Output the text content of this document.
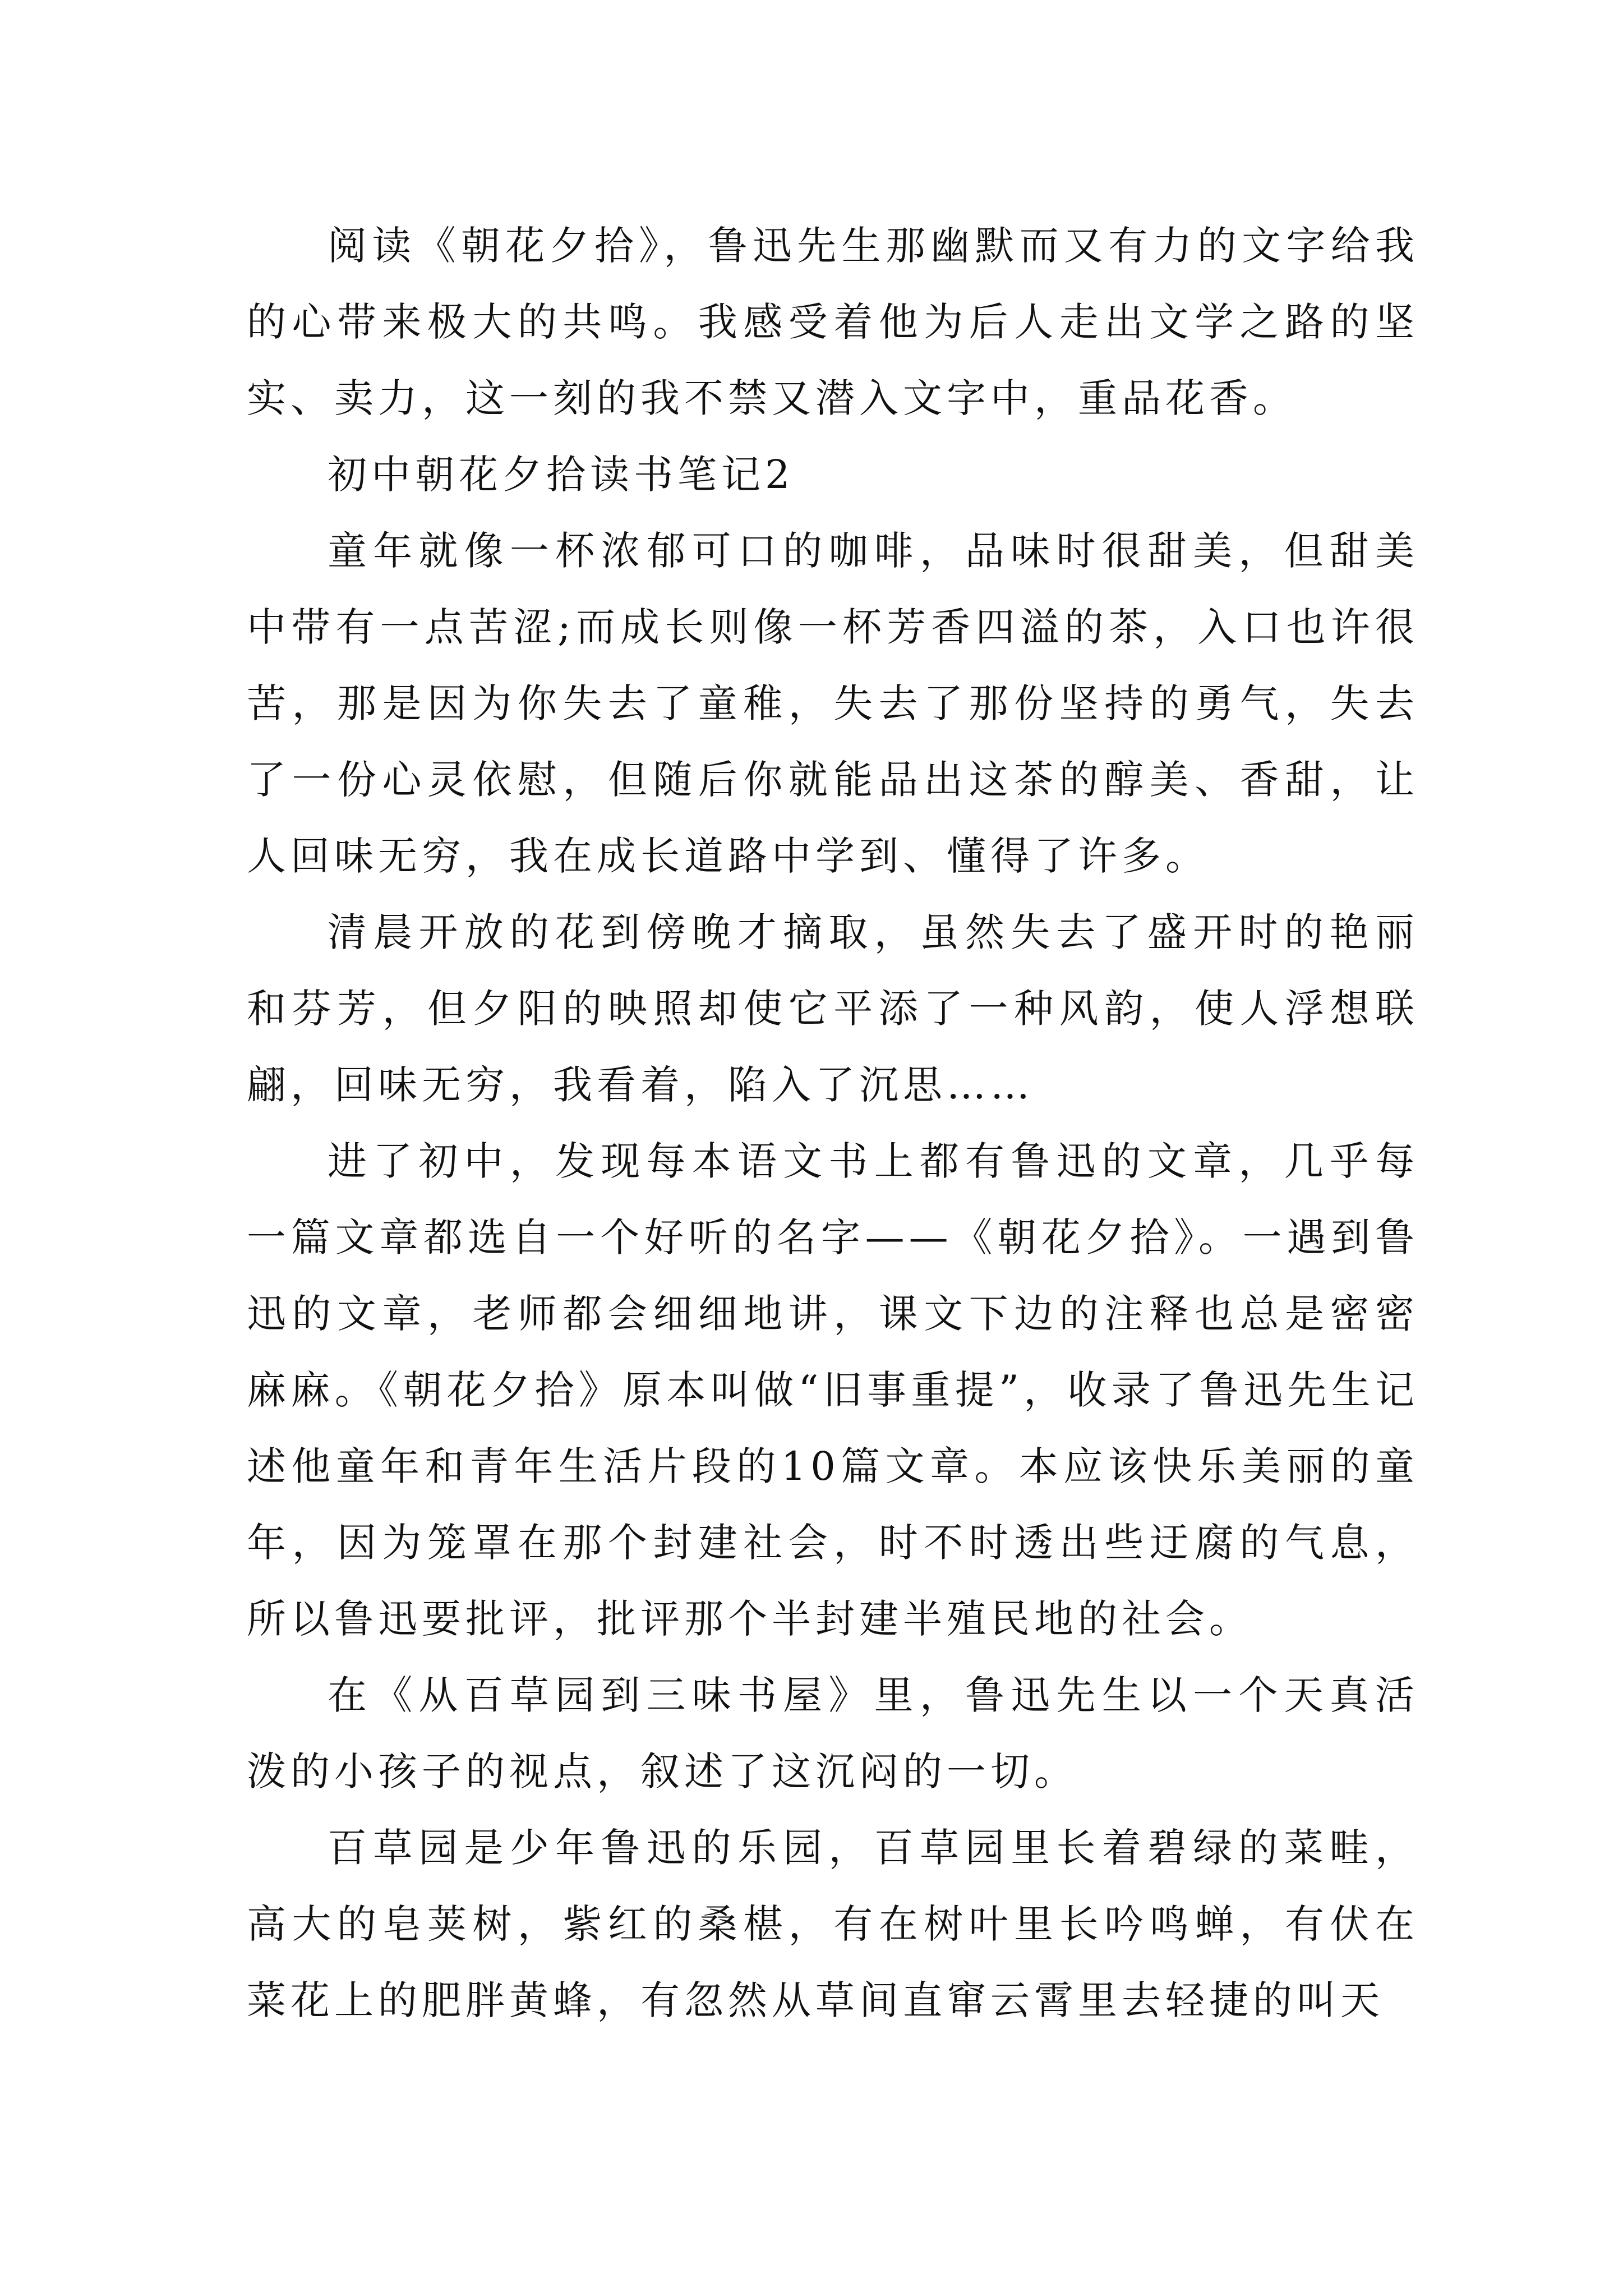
阅读《朝花夕拾》，鲁迅先生那幽默而又有力的文字给我的心带来极大的共鸣。我感受着他为后人走出文学之路的坚实、卖力，这一刻的我不禁又潜入文字中，重品花香。

初中朝花夕拾读书笔记2

童年就像一杯浓郁可口的咖啡，品味时很甜美，但甜美中带有一点苦涩;而成长则像一杯芳香四溢的茶，入口也许很苦，那是因为你失去了童稚，失去了那份坚持的勇气，失去了一份心灵依慰，但随后你就能品出这茶的醇美、香甜，让人回味无穷，我在成长道路中学到、懂得了许多。

清晨开放的花到傍晚才摘取，虽然失去了盛开时的艳丽和芬芳，但夕阳的映照却使它平添了一种风韵，使人浮想联翩，回味无穷，我看着，陷入了沉思……

进了初中，发现每本语文书上都有鲁迅的文章，几乎每一篇文章都选自一个好听的名字——《朝花夕拾》。一遇到鲁迅的文章，老师都会细细地讲，课文下边的注释也总是密密麻麻。《朝花夕拾》原本叫做“旧事重提”，收录了鲁迅先生记述他童年和青年生活片段的10篇文章。本应该快乐美丽的童年，因为笼罩在那个封建社会，时不时透出些迂腐的气息，所以鲁迅要批评，批评那个半封建半殖民地的社会。

在《从百草园到三味书屋》里，鲁迅先生以一个天真活泼的小孩子的视点，叙述了这沉闷的一切。

百草园是少年鲁迅的乐园，百草园里长着碧绿的菜畦，高大的皂荚树，紫红的桑椹，有在树叶里长吟鸣蝉，有伏在菜花上的肥胖黄蜂，有忽然从草间直窜云霄里去轻捷的叫天
